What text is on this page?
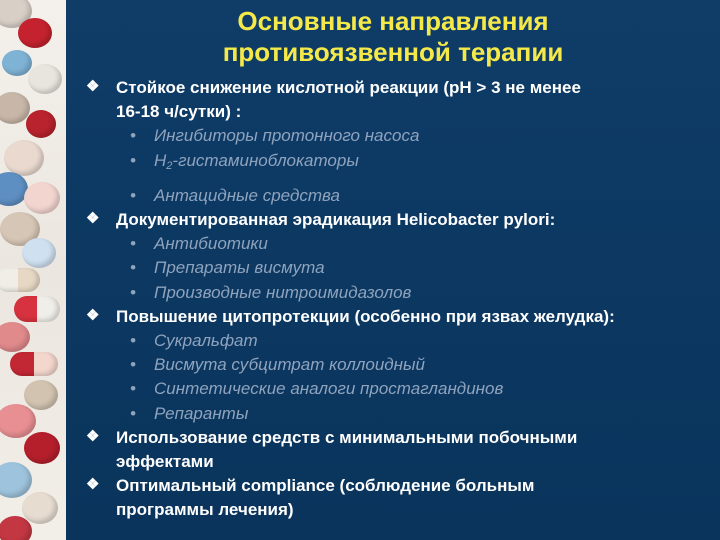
Основные направления
противоязвенной терапии
❖ Стойкое снижение кислотной реакции (pH > 3 не менее
16-18 ч/сутки) :
• Ингибиторы протонного насоса
• $H_2$-гистаминоблокаторы
• Антацидные средства
❖ Документированная эрадикация Helicobacter pylori:
• Антибиотики
• Препараты висмута
• Производные нитроимидазолов
❖ Повышение цитопротекции (особенно при язвах желудка):
• Сукральфат
• Висмута субцитрат коллоидный
• Синтетические аналоги простагландинов
• Репаранты
❖ Использование средств с минимальными побочными
эффектами
❖ Оптимальный compliance (соблюдение больным
программы лечения)
